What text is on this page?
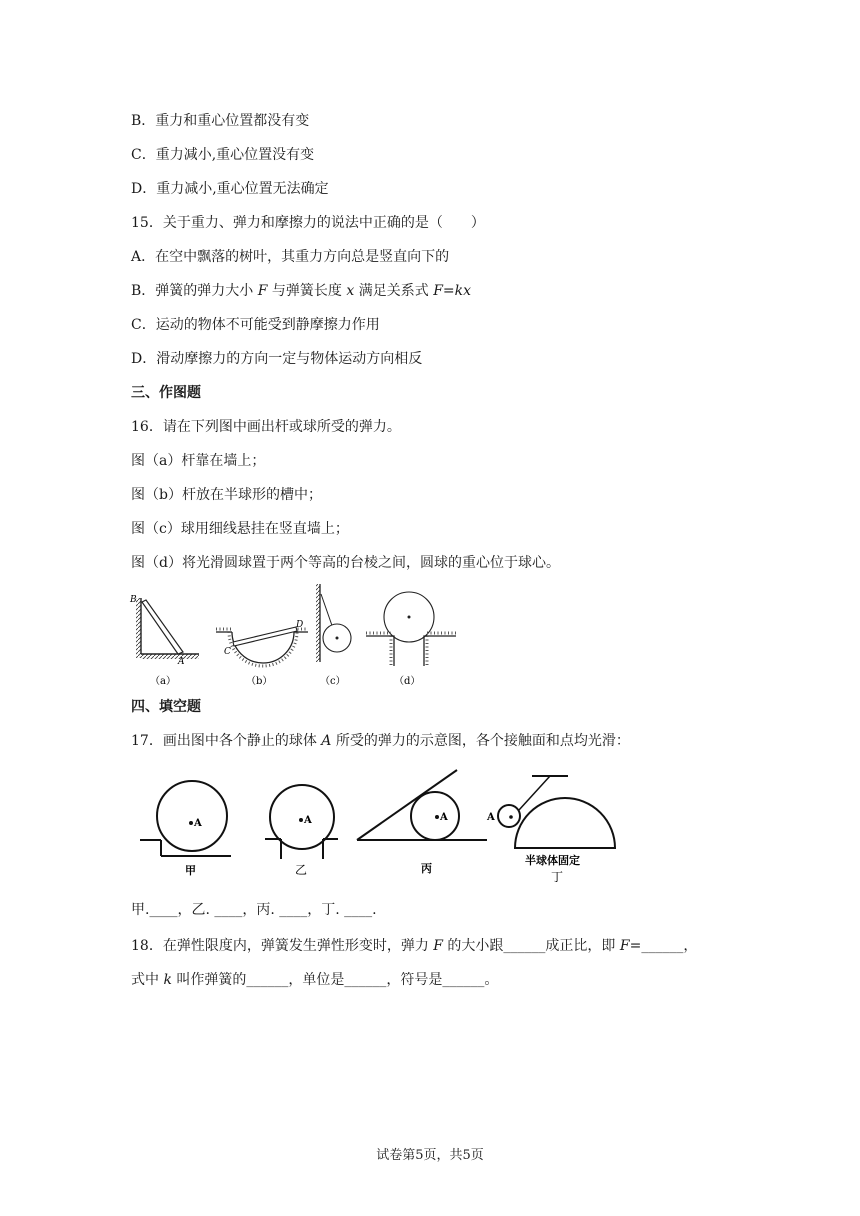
B．重力和重心位置都没有变
C．重力减小,重心位置没有变
D．重力减小,重心位置无法确定
15．关于重力、弹力和摩擦力的说法中正确的是（　　）
A．在空中飘落的树叶，其重力方向总是竖直向下的
B．弹簧的弹力大小 F 与弹簧长度 x 满足关系式 F=kx
C．运动的物体不可能受到静摩擦力作用
D．滑动摩擦力的方向一定与物体运动方向相反
三、作图题
16．请在下列图中画出杆或球所受的弹力。
图（a）杆靠在墙上；
图（b）杆放在半球形的槽中；
图（c）球用细线悬挂在竖直墙上；
图（d）将光滑圆球置于两个等高的台棱之间，圆球的重心位于球心。
B
A
（a）
C
D
（b）	（c）	（d）
四、填空题
17．画出图中各个静止的球体 A 所受的弹力的示意图，各个接触面和点均光滑：
A
甲
A
乙
A
丙
A
半球体固定
丁
甲.____，乙. ____，丙. ____，丁. ____.
18．在弹性限度内，弹簧发生弹性形变时，弹力 F 的大小跟______成正比，即 F=______，
式中 k 叫作弹簧的______，单位是______，符号是______。
试卷第5页，共5页
